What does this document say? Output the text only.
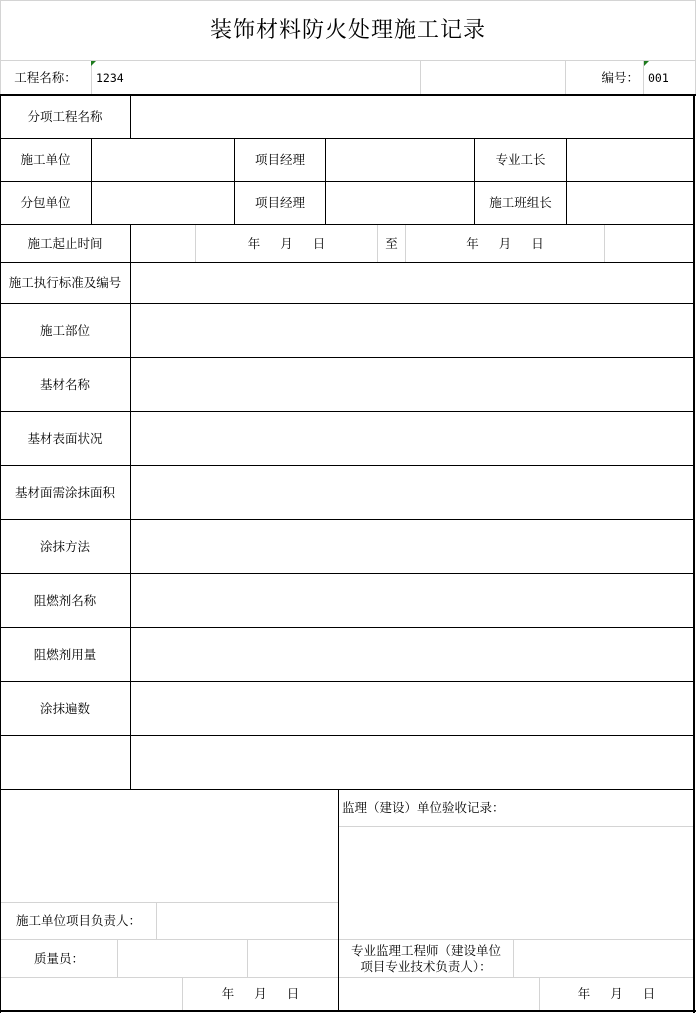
装饰材料防火处理施工记录
工程名称：	1234	编号： 001
分项工程名称
施工单位	项目经理	专业工长
分包单位	项目经理	施工班组长
施工起止时间	年 月 日	至	年 月 日
施工执行标准及编号
施工部位
基材名称
基材表面状况
基材面需涂抹面积
涂抹方法
阻燃剂名称
阻燃剂用量
涂抹遍数
施工单位项目负责人：
质量员：
年 月 日
监理（建设）单位验收记录：
专业监理工程师（建设单位
项目专业技术负责人）：
年 月 日
